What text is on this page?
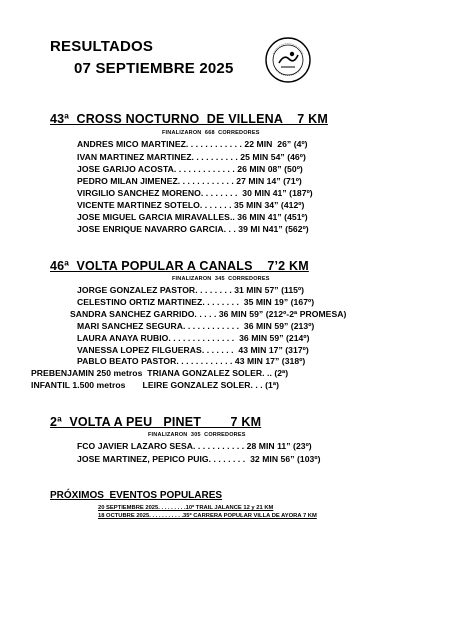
RESULTADOS
07 SEPTIEMBRE 2025
43ª  CROSS NOCTURNO  DE VILLENA    7 KM
FINALIZARON  668  CORREDORES
ANDRES MICO MARTINEZ. . . . . . . . . . . . 22 MIN  26” (4º)
IVAN MARTINEZ MARTINEZ. . . . . . . . . . 25 MIN 54” (46º)
JOSE GARIJO ACOSTA. . . . . . . . . . . . . 26 MIN 08” (50º)
PEDRO MILAN JIMENEZ. . . . . . . . . . . . 27 MIN 14” (71º)
VIRGILIO SANCHEZ MORENO. . . . . . . .  30 MIN 41” (187º)
VICENTE MARTINEZ SOTELO. . . . . . . 35 MIN 34” (412º)
JOSE MIGUEL GARCIA MIRAVALLES.. 36 MIN 41” (451º)
JOSE ENRIQUE NAVARRO GARCIA. . . 39 MI N41” (562º)
46ª  VOLTA POPULAR A CANALS    7’2 KM
FINALIZARON  345  CORREDORES
JORGE GONZALEZ PASTOR. . . . . . . . 31 MIN 57” (115º)
CELESTINO ORTIZ MARTINEZ. . . . . . . .  35 MIN 19” (167º)
SANDRA SANCHEZ GARRIDO. . . . . 36 MIN 59” (212º-2ª PROMESA)
MARI SANCHEZ SEGURA. . . . . . . . . . . .  36 MIN 59” (213º)
LAURA ANAYA RUBIO. . . . . . . . . . . . . .  36 MIN 59” (214º)
VANESSA LOPEZ FILGUERAS. . . . . . .  43 MIN 17” (317º)
PABLO BEATO PASTOR. . . . . . . . . . . . 43 MIN 17” (318º)
PREBENJAMIN 250 metros  TRIANA GONZALEZ SOLER. .. (2ª)
INFANTIL 1.500 metros       LEIRE GONZALEZ SOLER. . . (1ª)
2ª  VOLTA A PEU   PINET        7 KM
FINALIZARON  305  CORREDORES
FCO JAVIER LAZARO SESA. . . . . . . . . . . 28 MIN 11” (23º)
JOSE MARTINEZ, PEPICO PUIG. . . . . . . .  32 MIN 56” (103º)
PRÓXIMOS  EVENTOS POPULARES
20 SEPTIEMBRE 2025. . . . . . . . .10º TRAIL JALANCE 12 y 21 KM
18 OCTUBRE 2025. . . . . . . . . . .35º CARRERA POPULAR VILLA DE AYORA 7 KM
